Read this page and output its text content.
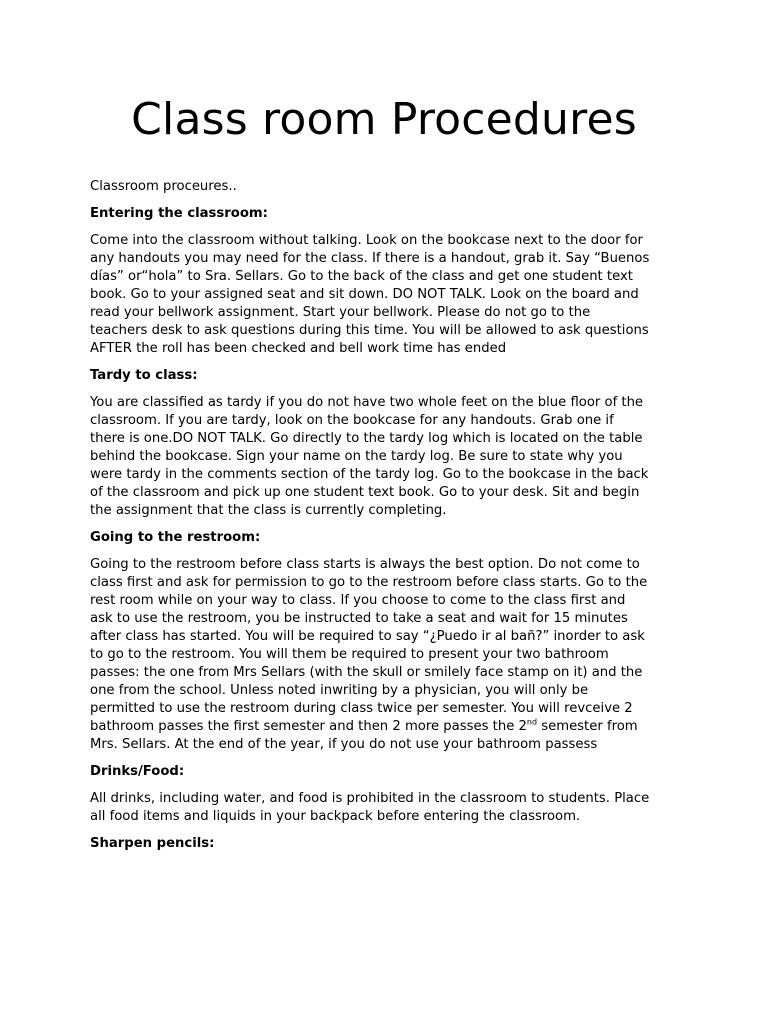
Class room Procedures

Classroom proceures..

Entering the classroom:

Come into the classroom without talking. Look on the bookcase next to the door for
any handouts you may need for the class. If there is a handout, grab it. Say “Buenos
días” or“hola” to Sra. Sellars. Go to the back of the class and get one student text
book. Go to your assigned seat and sit down. DO NOT TALK. Look on the board and
read your bellwork assignment. Start your bellwork. Please do not go to the
teachers desk to ask questions during this time. You will be allowed to ask questions
AFTER the roll has been checked and bell work time has ended

Tardy to class:

You are classified as tardy if you do not have two whole feet on the blue floor of the
classroom. If you are tardy, look on the bookcase for any handouts. Grab one if
there is one.DO NOT TALK. Go directly to the tardy log which is located on the table
behind the bookcase. Sign your name on the tardy log. Be sure to state why you
were tardy in the comments section of the tardy log. Go to the bookcase in the back
of the classroom and pick up one student text book. Go to your desk. Sit and begin
the assignment that the class is currently completing.

Going to the restroom:

Going to the restroom before class starts is always the best option. Do not come to
class first and ask for permission to go to the restroom before class starts. Go to the
rest room while on your way to class. If you choose to come to the class first and
ask to use the restroom, you be instructed to take a seat and wait for 15 minutes
after class has started. You will be required to say “¿Puedo ir al bañ?” inorder to ask
to go to the restroom. You will them be required to present your two bathroom
passes: the one from Mrs Sellars (with the skull or smilely face stamp on it) and the
one from the school. Unless noted inwriting by a physician, you will only be
permitted to use the restroom during class twice per semester. You will revceive 2
bathroom passes the first semester and then 2 more passes the 2nd semester from
Mrs. Sellars. At the end of the year, if you do not use your bathroom passess

Drinks/Food:

All drinks, including water, and food is prohibited in the classroom to students. Place
all food items and liquids in your backpack before entering the classroom.

Sharpen pencils:
